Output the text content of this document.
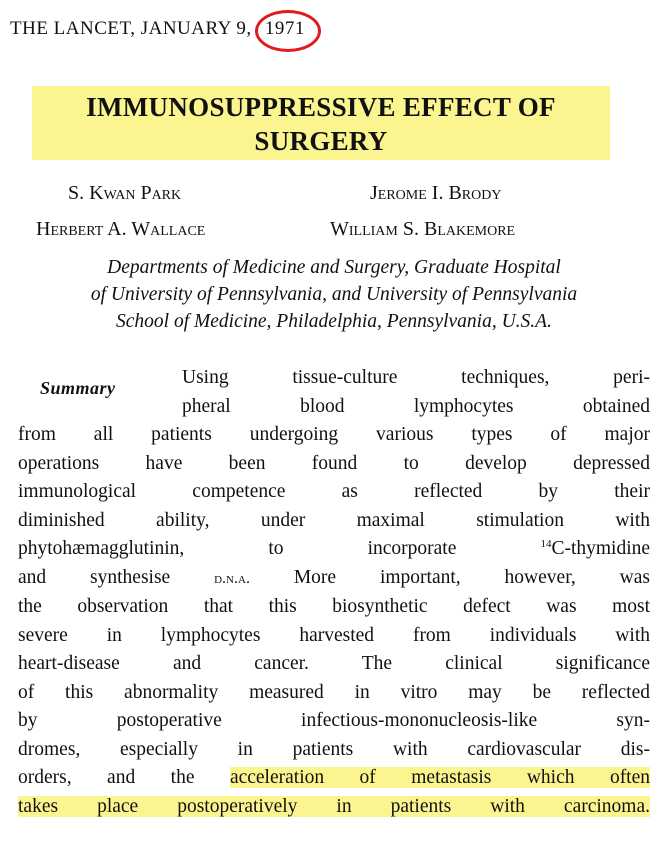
THE LANCET, JANUARY 9, 1971
IMMUNOSUPPRESSIVE EFFECT OF
SURGERY
S. Kwan Park	Jerome I. Brody
Herbert A. Wallace	William S. Blakemore
Departments of Medicine and Surgery, Graduate Hospital
of University of Pennsylvania, and University of Pennsylvania
School of Medicine, Philadelphia, Pennsylvania, U.S.A.
Summary	Using tissue-culture techniques, peri-
pheral blood lymphocytes obtained
from all patients undergoing various types of major
operations have been found to develop depressed
immunological competence as reflected by their
diminished ability, under maximal stimulation with
phytohæmagglutinin, to incorporate	$^{14}$C-thymidine
and synthesise	d.n.a. More important, however, was
the observation that this biosynthetic defect was most
severe in lymphocytes harvested from individuals with
heart-disease and cancer. The clinical significance
of this abnormality measured in vitro may be reflected
by postoperative infectious-mononucleosis-like syn-
dromes, especially in patients with cardiovascular dis-
orders, and the acceleration of metastasis which often
takes place postoperatively in patients with carcinoma.
